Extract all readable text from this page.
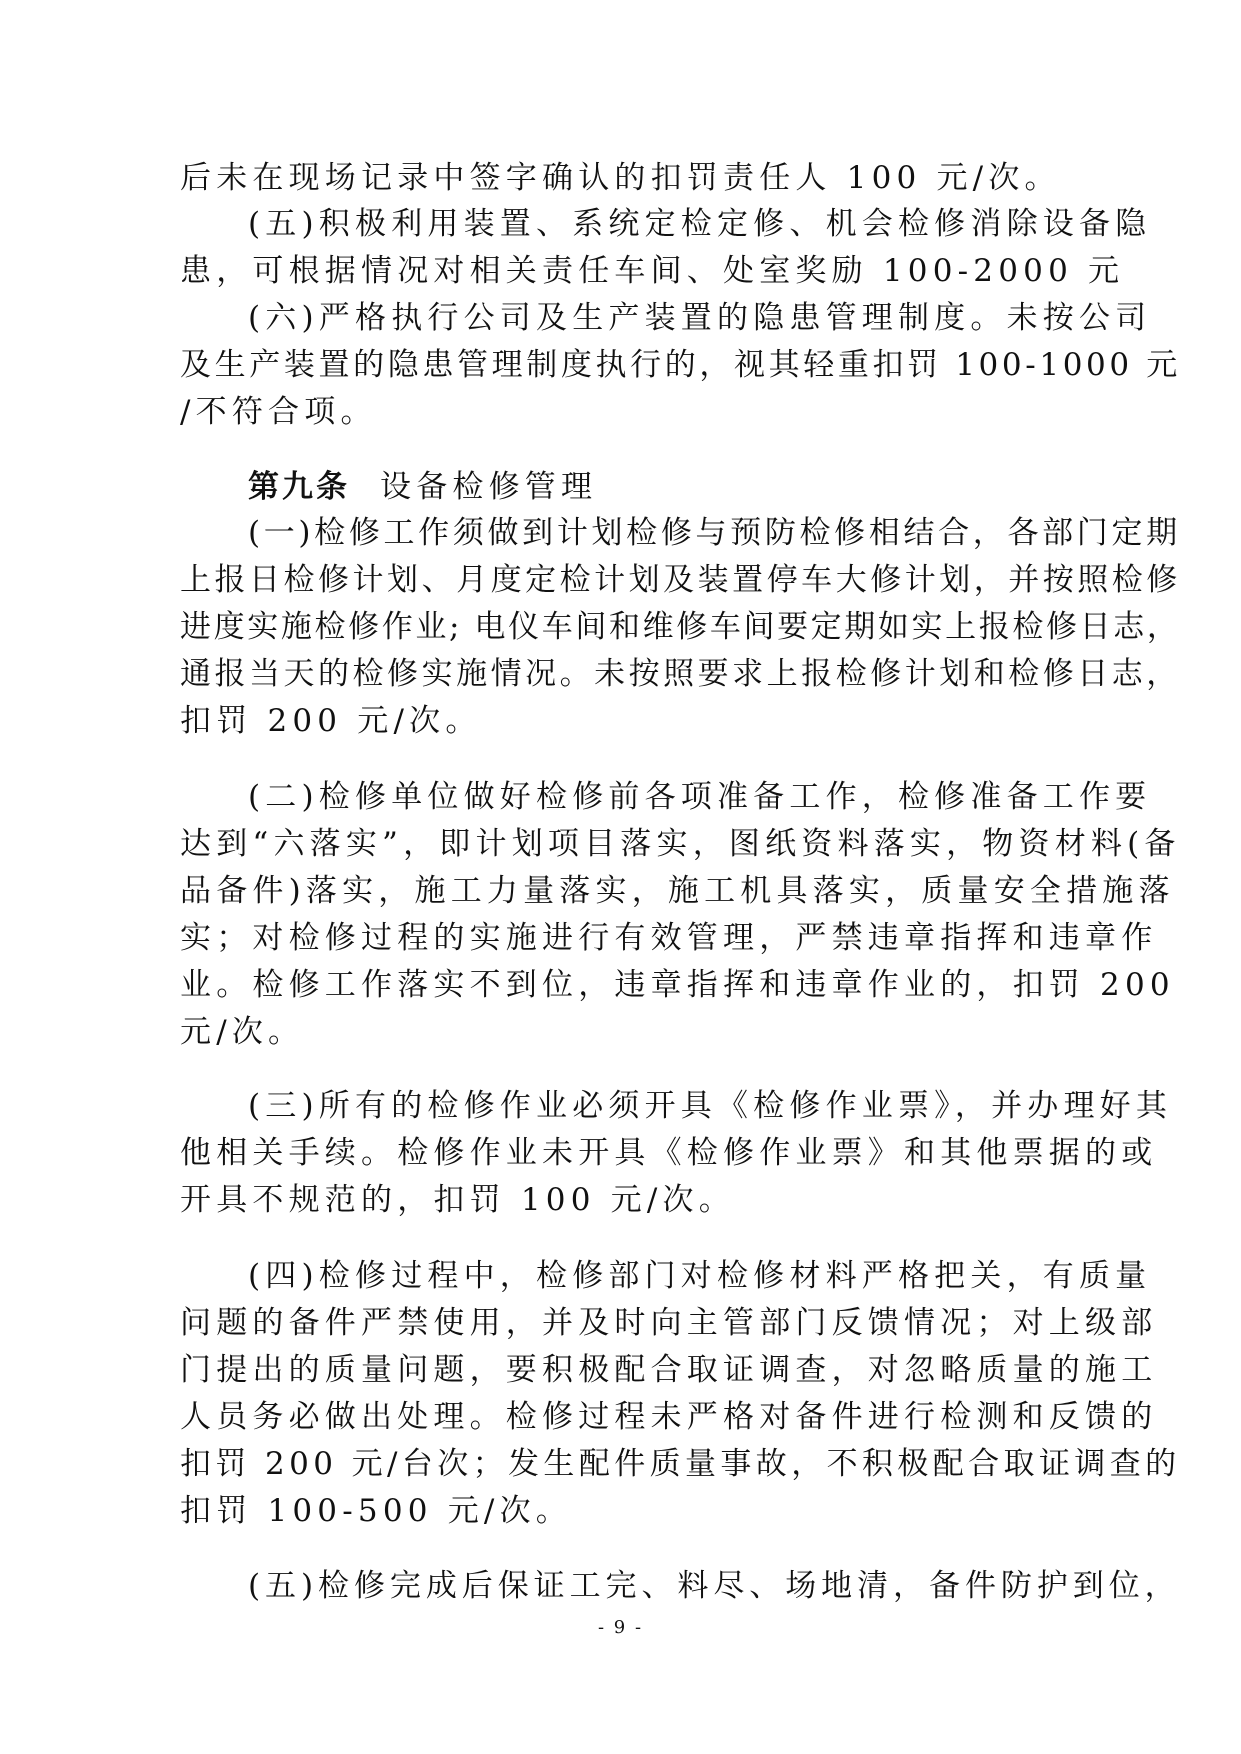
后未在现场记录中签字确认的扣罚责任人 100 元/次。
(五)积极利用装置、系统定检定修、机会检修消除设备隐
患，可根据情况对相关责任车间、处室奖励 100-2000 元
(六)严格执行公司及生产装置的隐患管理制度。未按公司
及生产装置的隐患管理制度执行的，视其轻重扣罚 100-1000 元
/不符合项。
第九条 设备检修管理
(一)检修工作须做到计划检修与预防检修相结合，各部门定期
上报日检修计划、月度定检计划及装置停车大修计划，并按照检修
进度实施检修作业; 电仪车间和维修车间要定期如实上报检修日志，
通报当天的检修实施情况。未按照要求上报检修计划和检修日志，
扣罚 200 元/次。
(二)检修单位做好检修前各项准备工作，检修准备工作要
达到“六落实”，即计划项目落实，图纸资料落实，物资材料(备
品备件)落实，施工力量落实，施工机具落实，质量安全措施落
实；对检修过程的实施进行有效管理，严禁违章指挥和违章作
业。检修工作落实不到位，违章指挥和违章作业的，扣罚 200
元/次。
(三)所有的检修作业必须开具《检修作业票》，并办理好其
他相关手续。检修作业未开具《检修作业票》和其他票据的或
开具不规范的，扣罚 100 元/次。
(四)检修过程中，检修部门对检修材料严格把关，有质量
问题的备件严禁使用，并及时向主管部门反馈情况；对上级部
门提出的质量问题，要积极配合取证调查，对忽略质量的施工
人员务必做出处理。检修过程未严格对备件进行检测和反馈的
扣罚 200 元/台次；发生配件质量事故，不积极配合取证调查的
扣罚 100-500 元/次。
(五)检修完成后保证工完、料尽、场地清，备件防护到位，
- 9 -
